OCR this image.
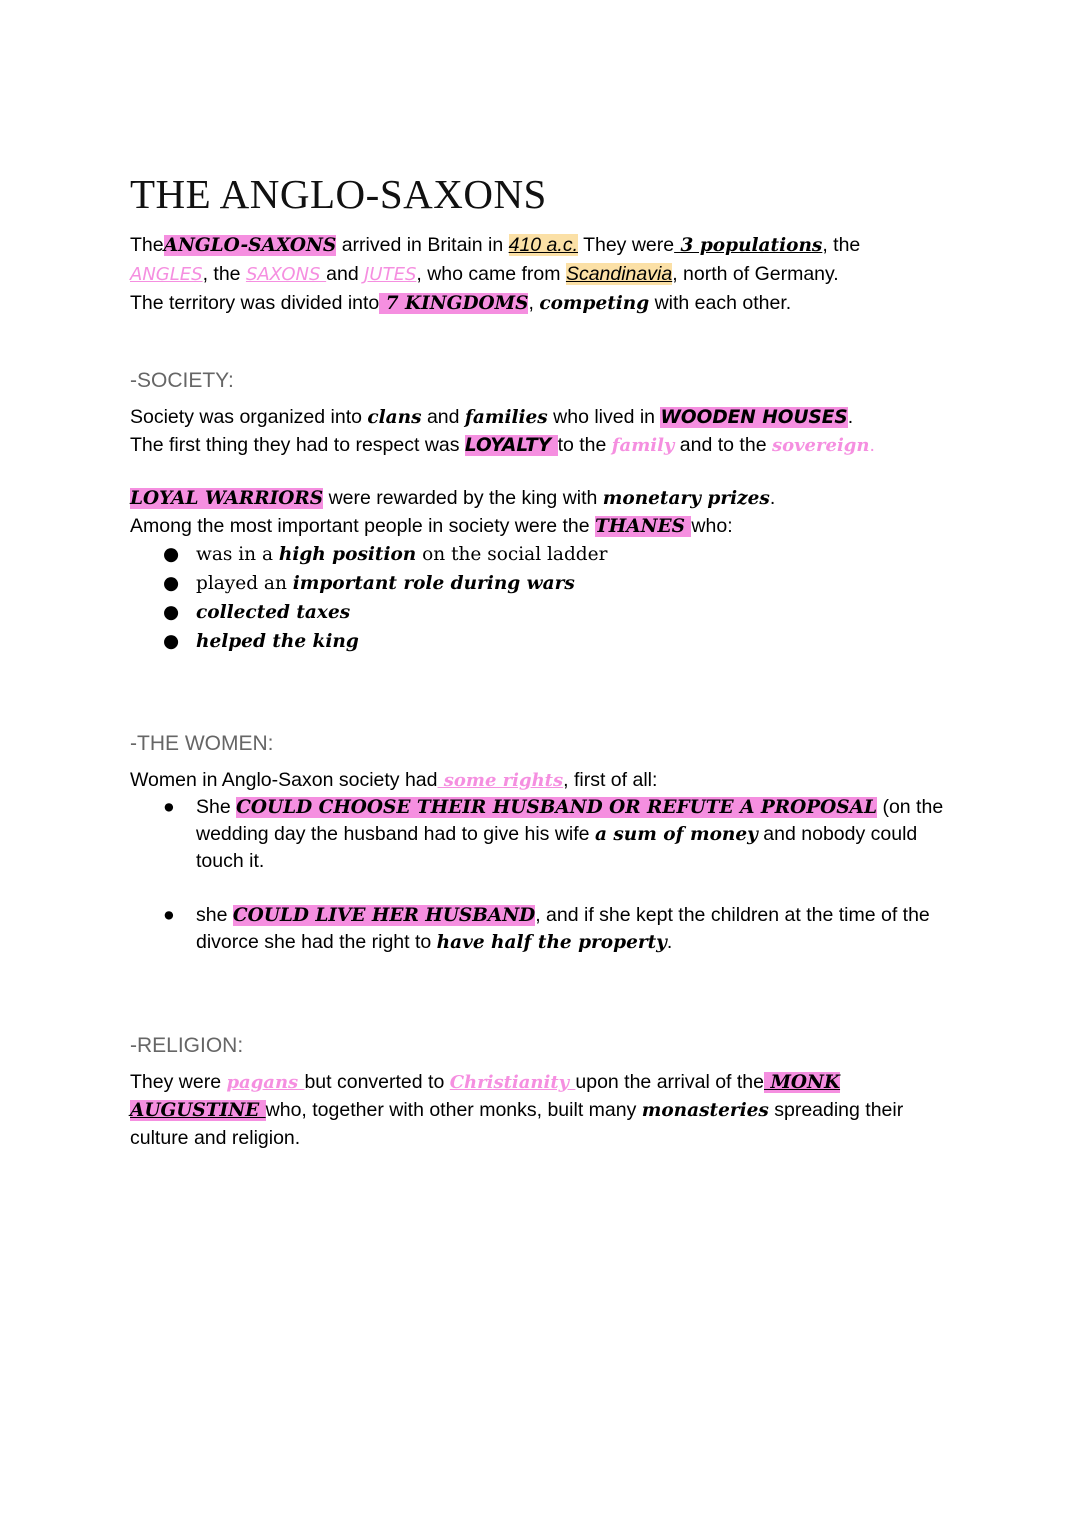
THE ANGLO-SAXONS
TheANGLO-SAXONS arrived in Britain in 410 a.c. They were 3 populations, the
ANGLES, the SAXONS and JUTES, who came from Scandinavia, north of Germany.
The territory was divided into 7 KINGDOMS, competing with each other.
-SOCIETY:
Society was organized into clans and families who lived in WOODEN HOUSES.
The first thing they had to respect was LOYALTY to the family and to the sovereign.
LOYAL WARRIORS were rewarded by the king with monetary prizes.
Among the most important people in society were the THANES who:
● was in a high position on the social ladder
● played an important role during wars
● collected taxes
● helped the king
-THE WOMEN:
Women in Anglo-Saxon society had some rights, first of all:
● She COULD CHOOSE THEIR HUSBAND OR REFUTE A PROPOSAL (on the
wedding day the husband had to give his wife a sum of money and nobody could
touch it.
● she COULD LIVE HER HUSBAND, and if she kept the children at the time of the
divorce she had the right to have half the property.
-RELIGION:
They were pagans but converted to Christianity upon the arrival of the MONK
AUGUSTINE who, together with other monks, built many monasteries spreading their
culture and religion.
